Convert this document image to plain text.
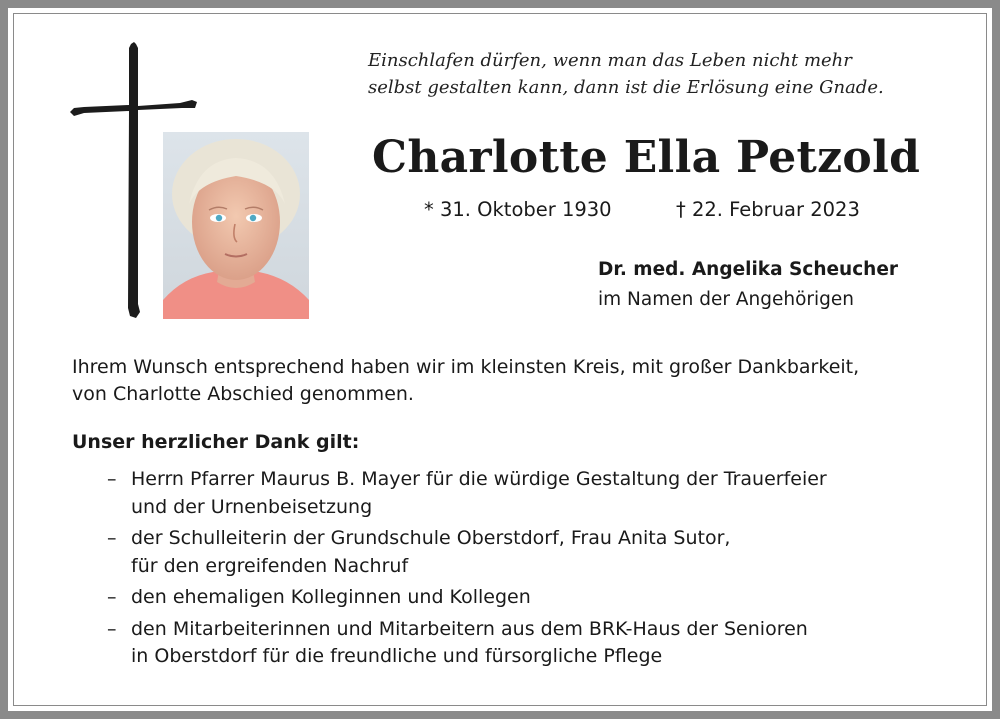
Einschlafen dürfen, wenn man das Leben nicht mehr
selbst gestalten kann, dann ist die Erlösung eine Gnade.

Charlotte Ella Petzold
* 31. Oktober 1930	† 22. Februar 2023
Dr. med. Angelika Scheucher
im Namen der Angehörigen

Ihrem Wunsch entsprechend haben wir im kleinsten Kreis, mit großer Dankbarkeit,
von Charlotte Abschied genommen.

Unser herzlicher Dank gilt:
– Herrn Pfarrer Maurus B. Mayer für die würdige Gestaltung der Trauerfeier
und der Urnenbeisetzung
– der Schulleiterin der Grundschule Oberstdorf, Frau Anita Sutor,
für den ergreifenden Nachruf
– den ehemaligen Kolleginnen und Kollegen
– den Mitarbeiterinnen und Mitarbeitern aus dem BRK-Haus der Senioren
in Oberstdorf für die freundliche und fürsorgliche Pflege
